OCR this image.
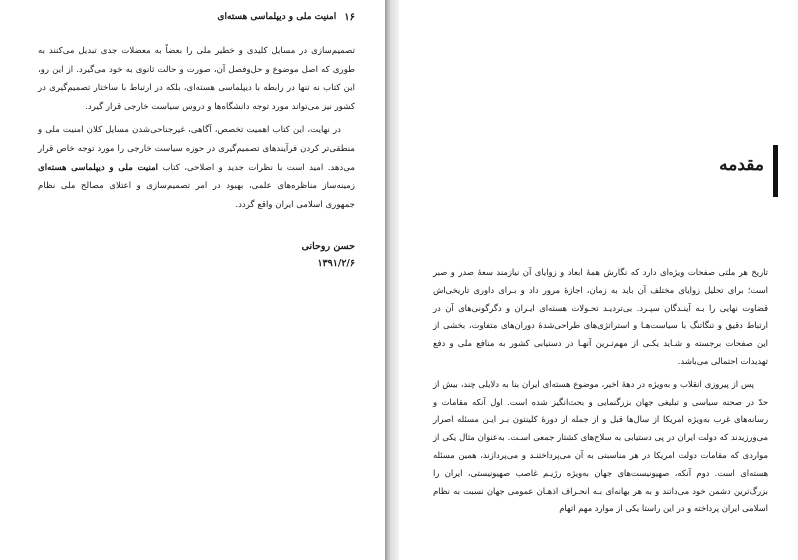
۱۶
امنیت ملی و دیپلماسی هسته‌ای

تصمیم‌سازی در مسایل کلیدی و خطیر ملی را بعضاً به معضلات جدی تبدیل می‌کنند به طوری که اصل موضوع و حل‌وفصل آن، صورت و حالت ثانوی به خود می‌گیرد. از این رو، این کتاب نه تنها در رابطه با دیپلماسی هسته‌ای، بلکه در ارتباط با ساختار تصمیم‌گیری در کشور نیز می‌تواند مورد توجه دانشگاه‌ها و دروس سیاست خارجی قرار گیرد.

در نهایت، این کتاب اهمیت تخصص، آگاهی، غیرجناحی‌شدن مسایل کلان امنیت ملی و منطقی‌تر کردن فرآیندهای تصمیم‌گیری در حوزه سیاست خارجی را مورد توجه خاص قرار می‌دهد. امید است با نظرات جدید و اصلاحی، کتاب امنیت ملی و دیپلماسی هسته‌ای زمینه‌ساز مناظره‌های علمی، بهبود در امر تصمیم‌سازی و اعتلای مصالح ملی نظام جمهوری اسلامی ایران واقع گردد.

حسن روحانی
۱۳۹۱/۲/۶
مقدمه

تاریخ هر ملتی صفحات ویژه‌ای دارد که نگارش همهٔ ابعاد و زوایای آن نیازمند سعهٔ صدر و صبر است؛ برای تحلیل زوایای مختلف آن باید به زمان، اجازهٔ مرور داد و بـرای داوری تاریخی‌اش قضاوت نهایی را بـه آینـدگان سپـرد. بی‌تردیـد تحـولات هسته‌ای ایـران و دگرگونی‌های آن در ارتباط دقیق و تنگاتنگ با سیاست‌هـا و استراتژی‌های طراحی‌شدهٔ دوران‌های متفاوت، بخشی از این صفحات برجسته و شـاید یکـی از مهم‌تـرین آنهـا در دستیابی کشور به منافع ملی و دفع تهدیدات احتمالی می‌باشد.

پس از پیروزی انقلاب و به‌ویژه در دههٔ اخیر، موضوع هسته‌ای ایران بنا به دلایلی چند، بیش از حدّ در صحنه سیاسی و تبلیغی جهان بزرگنمایی و بحث‌انگیز شده است. اول آنکه مقامات و رسانه‌های غرب به‌ویژه امریکا از سال‌ها قبل و از جمله از دورهٔ کلینتون بـر ایـن مسئله اصرار می‌ورزیدند که دولت ایران در پی دستیابی به سلاح‌های کشتار جمعی اسـت. به‌عنوان مثال یکی از مواردی که مقامات دولت امریکا در هر مناسبتی به آن می‌پرداختنـد و می‌پردازند، همین مسئله هسته‌ای است. دوم آنکه، صهیونیست‌های جهان به‌ویژه رژیـم غاصب صهیونیستی، ایران را بزرگ‌ترین دشمن خود می‌دانند و به هر بهانه‌ای بـه انحـراف اذهـان عمومی جهان نسبت به نظام اسلامی ایران پرداخته و در این راستا یکی از موارد مهم اتهام
